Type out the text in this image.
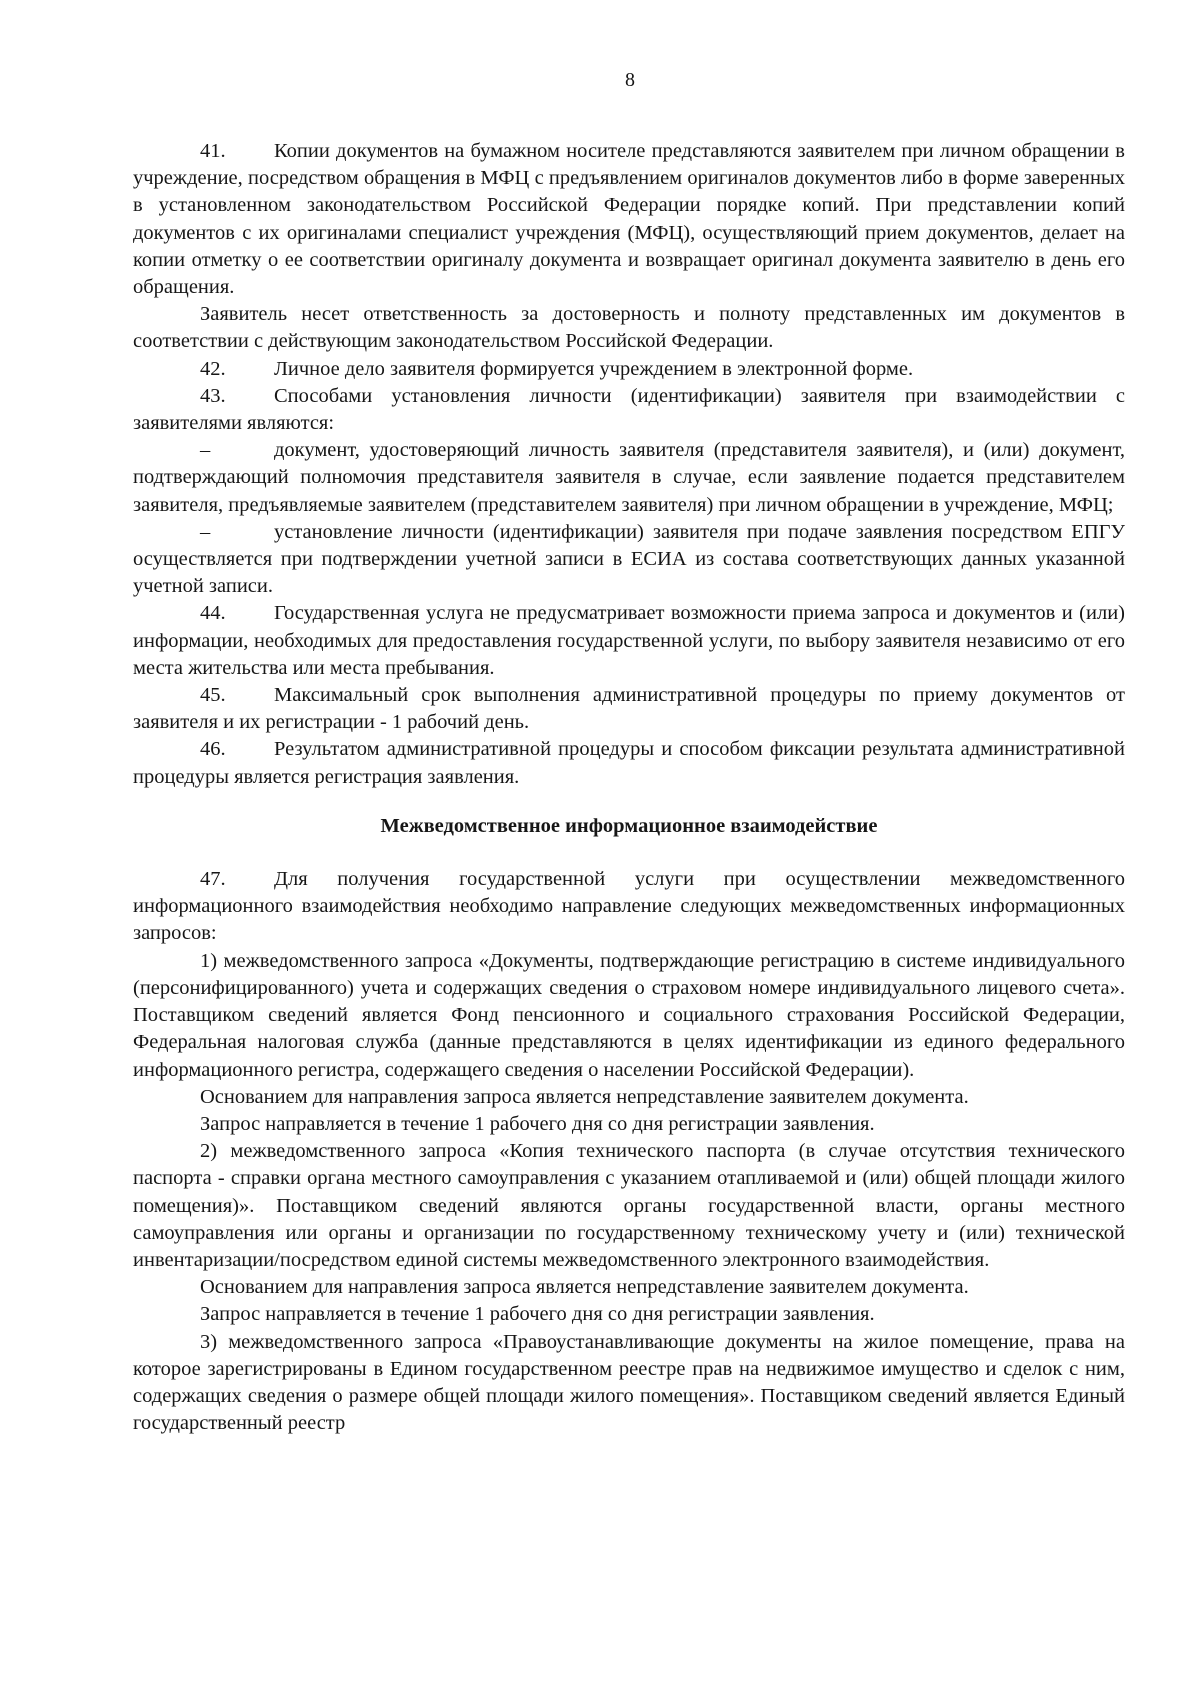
8

41. Копии документов на бумажном носителе представляются заявителем при личном обращении в учреждение, посредством обращения в МФЦ с предъявлением оригиналов документов либо в форме заверенных в установленном законодательством Российской Федерации порядке копий. При представлении копий документов с их оригиналами специалист учреждения (МФЦ), осуществляющий прием документов, делает на копии отметку о ее соответствии оригиналу документа и возвращает оригинал документа заявителю в день его обращения.

Заявитель несет ответственность за достоверность и полноту представленных им документов в соответствии с действующим законодательством Российской Федерации.

42. Личное дело заявителя формируется учреждением в электронной форме.

43. Способами установления личности (идентификации) заявителя при взаимодействии с заявителями являются:

–	документ, удостоверяющий личность заявителя (представителя заявителя), и (или) документ, подтверждающий полномочия представителя заявителя в случае, если заявление подается представителем заявителя, предъявляемые заявителем (представителем заявителя) при личном обращении в учреждение, МФЦ;

–	установление личности (идентификации) заявителя при подаче заявления посредством ЕПГУ осуществляется при подтверждении учетной записи в ЕСИА из состава соответствующих данных указанной учетной записи.

44. Государственная услуга не предусматривает возможности приема запроса и документов и (или) информации, необходимых для предоставления государственной услуги, по выбору заявителя независимо от его места жительства или места пребывания.

45. Максимальный срок выполнения административной процедуры по приему документов от заявителя и их регистрации - 1 рабочий день.

46. Результатом административной процедуры и способом фиксации результата административной процедуры является регистрация заявления.

Межведомственное информационное взаимодействие

47. Для получения государственной услуги при осуществлении межведомственного информационного взаимодействия необходимо направление следующих межведомственных информационных запросов:

1) межведомственного запроса «Документы, подтверждающие регистрацию в системе индивидуального (персонифицированного) учета и содержащих сведения о страховом номере индивидуального лицевого счета». Поставщиком сведений является Фонд пенсионного и социального страхования Российской Федерации, Федеральная налоговая служба (данные представляются в целях идентификации из единого федерального информационного регистра, содержащего сведения о населении Российской Федерации).

Основанием для направления запроса является непредставление заявителем документа.

Запрос направляется в течение 1 рабочего дня со дня регистрации заявления.

2) межведомственного запроса «Копия технического паспорта (в случае отсутствия технического паспорта - справки органа местного самоуправления с указанием отапливаемой и (или) общей площади жилого помещения)». Поставщиком сведений являются органы государственной власти, органы местного самоуправления или органы и организации по государственному техническому учету и (или) технической инвентаризации/посредством единой системы межведомственного электронного взаимодействия.

Основанием для направления запроса является непредставление заявителем документа.

Запрос направляется в течение 1 рабочего дня со дня регистрации заявления.

3) межведомственного запроса «Правоустанавливающие документы на жилое помещение, права на которое зарегистрированы в Едином государственном реестре прав на недвижимое имущество и сделок с ним, содержащих сведения о размере общей площади жилого помещения». Поставщиком сведений является Единый государственный реестр
